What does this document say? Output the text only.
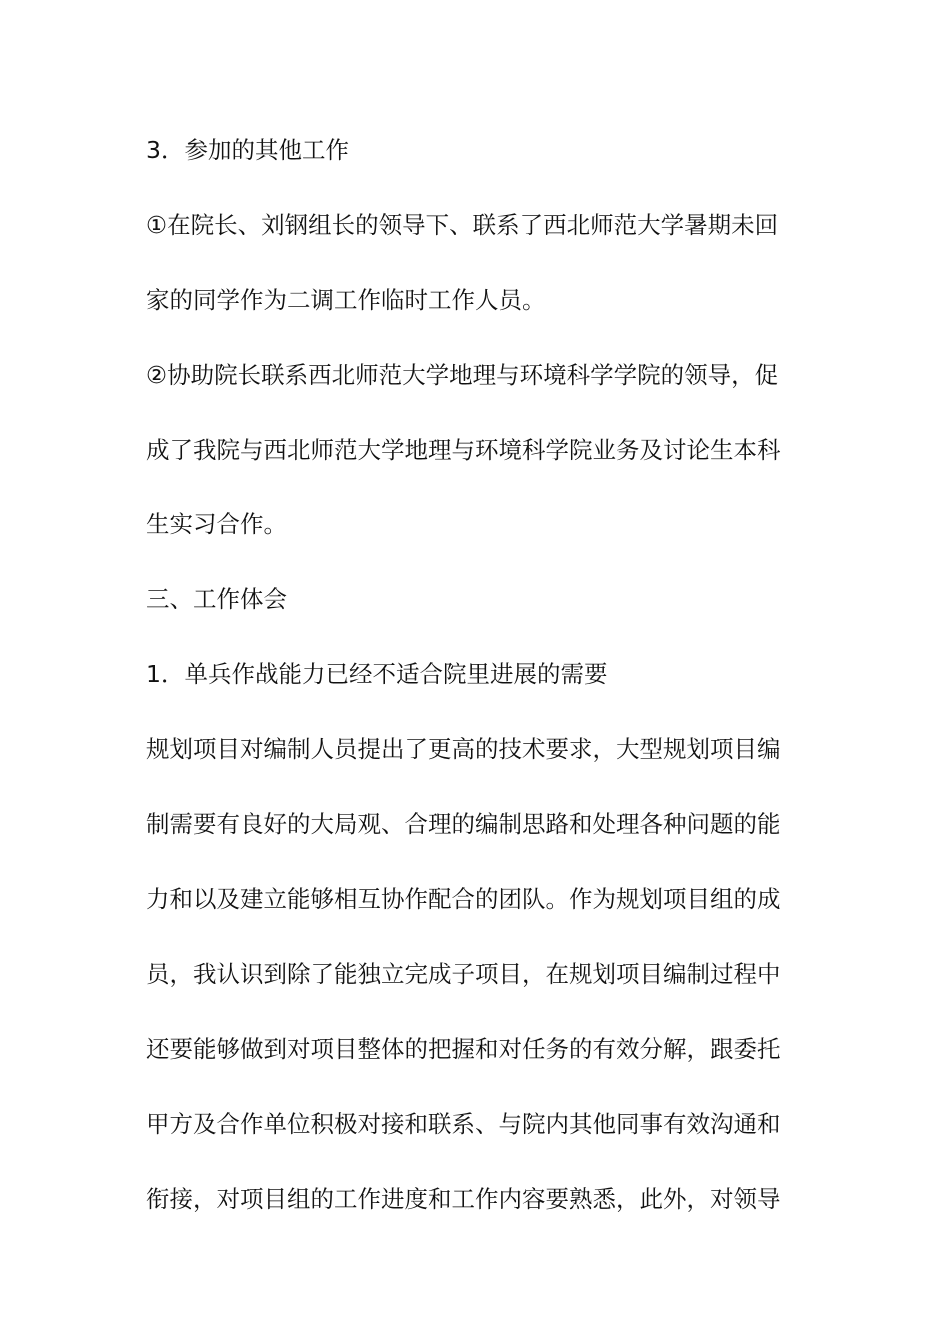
3．参加的其他工作
①在院长、刘钢组长的领导下、联系了西北师范大学暑期未回
家的同学作为二调工作临时工作人员。
②协助院长联系西北师范大学地理与环境科学学院的领导，促
成了我院与西北师范大学地理与环境科学院业务及讨论生本科
生实习合作。
三、工作体会
1．单兵作战能力已经不适合院里进展的需要
规划项目对编制人员提出了更高的技术要求，大型规划项目编
制需要有良好的大局观、合理的编制思路和处理各种问题的能
力和以及建立能够相互协作配合的团队。作为规划项目组的成
员，我认识到除了能独立完成子项目，在规划项目编制过程中
还要能够做到对项目整体的把握和对任务的有效分解，跟委托
甲方及合作单位积极对接和联系、与院内其他同事有效沟通和
衔接，对项目组的工作进度和工作内容要熟悉，此外，对领导
